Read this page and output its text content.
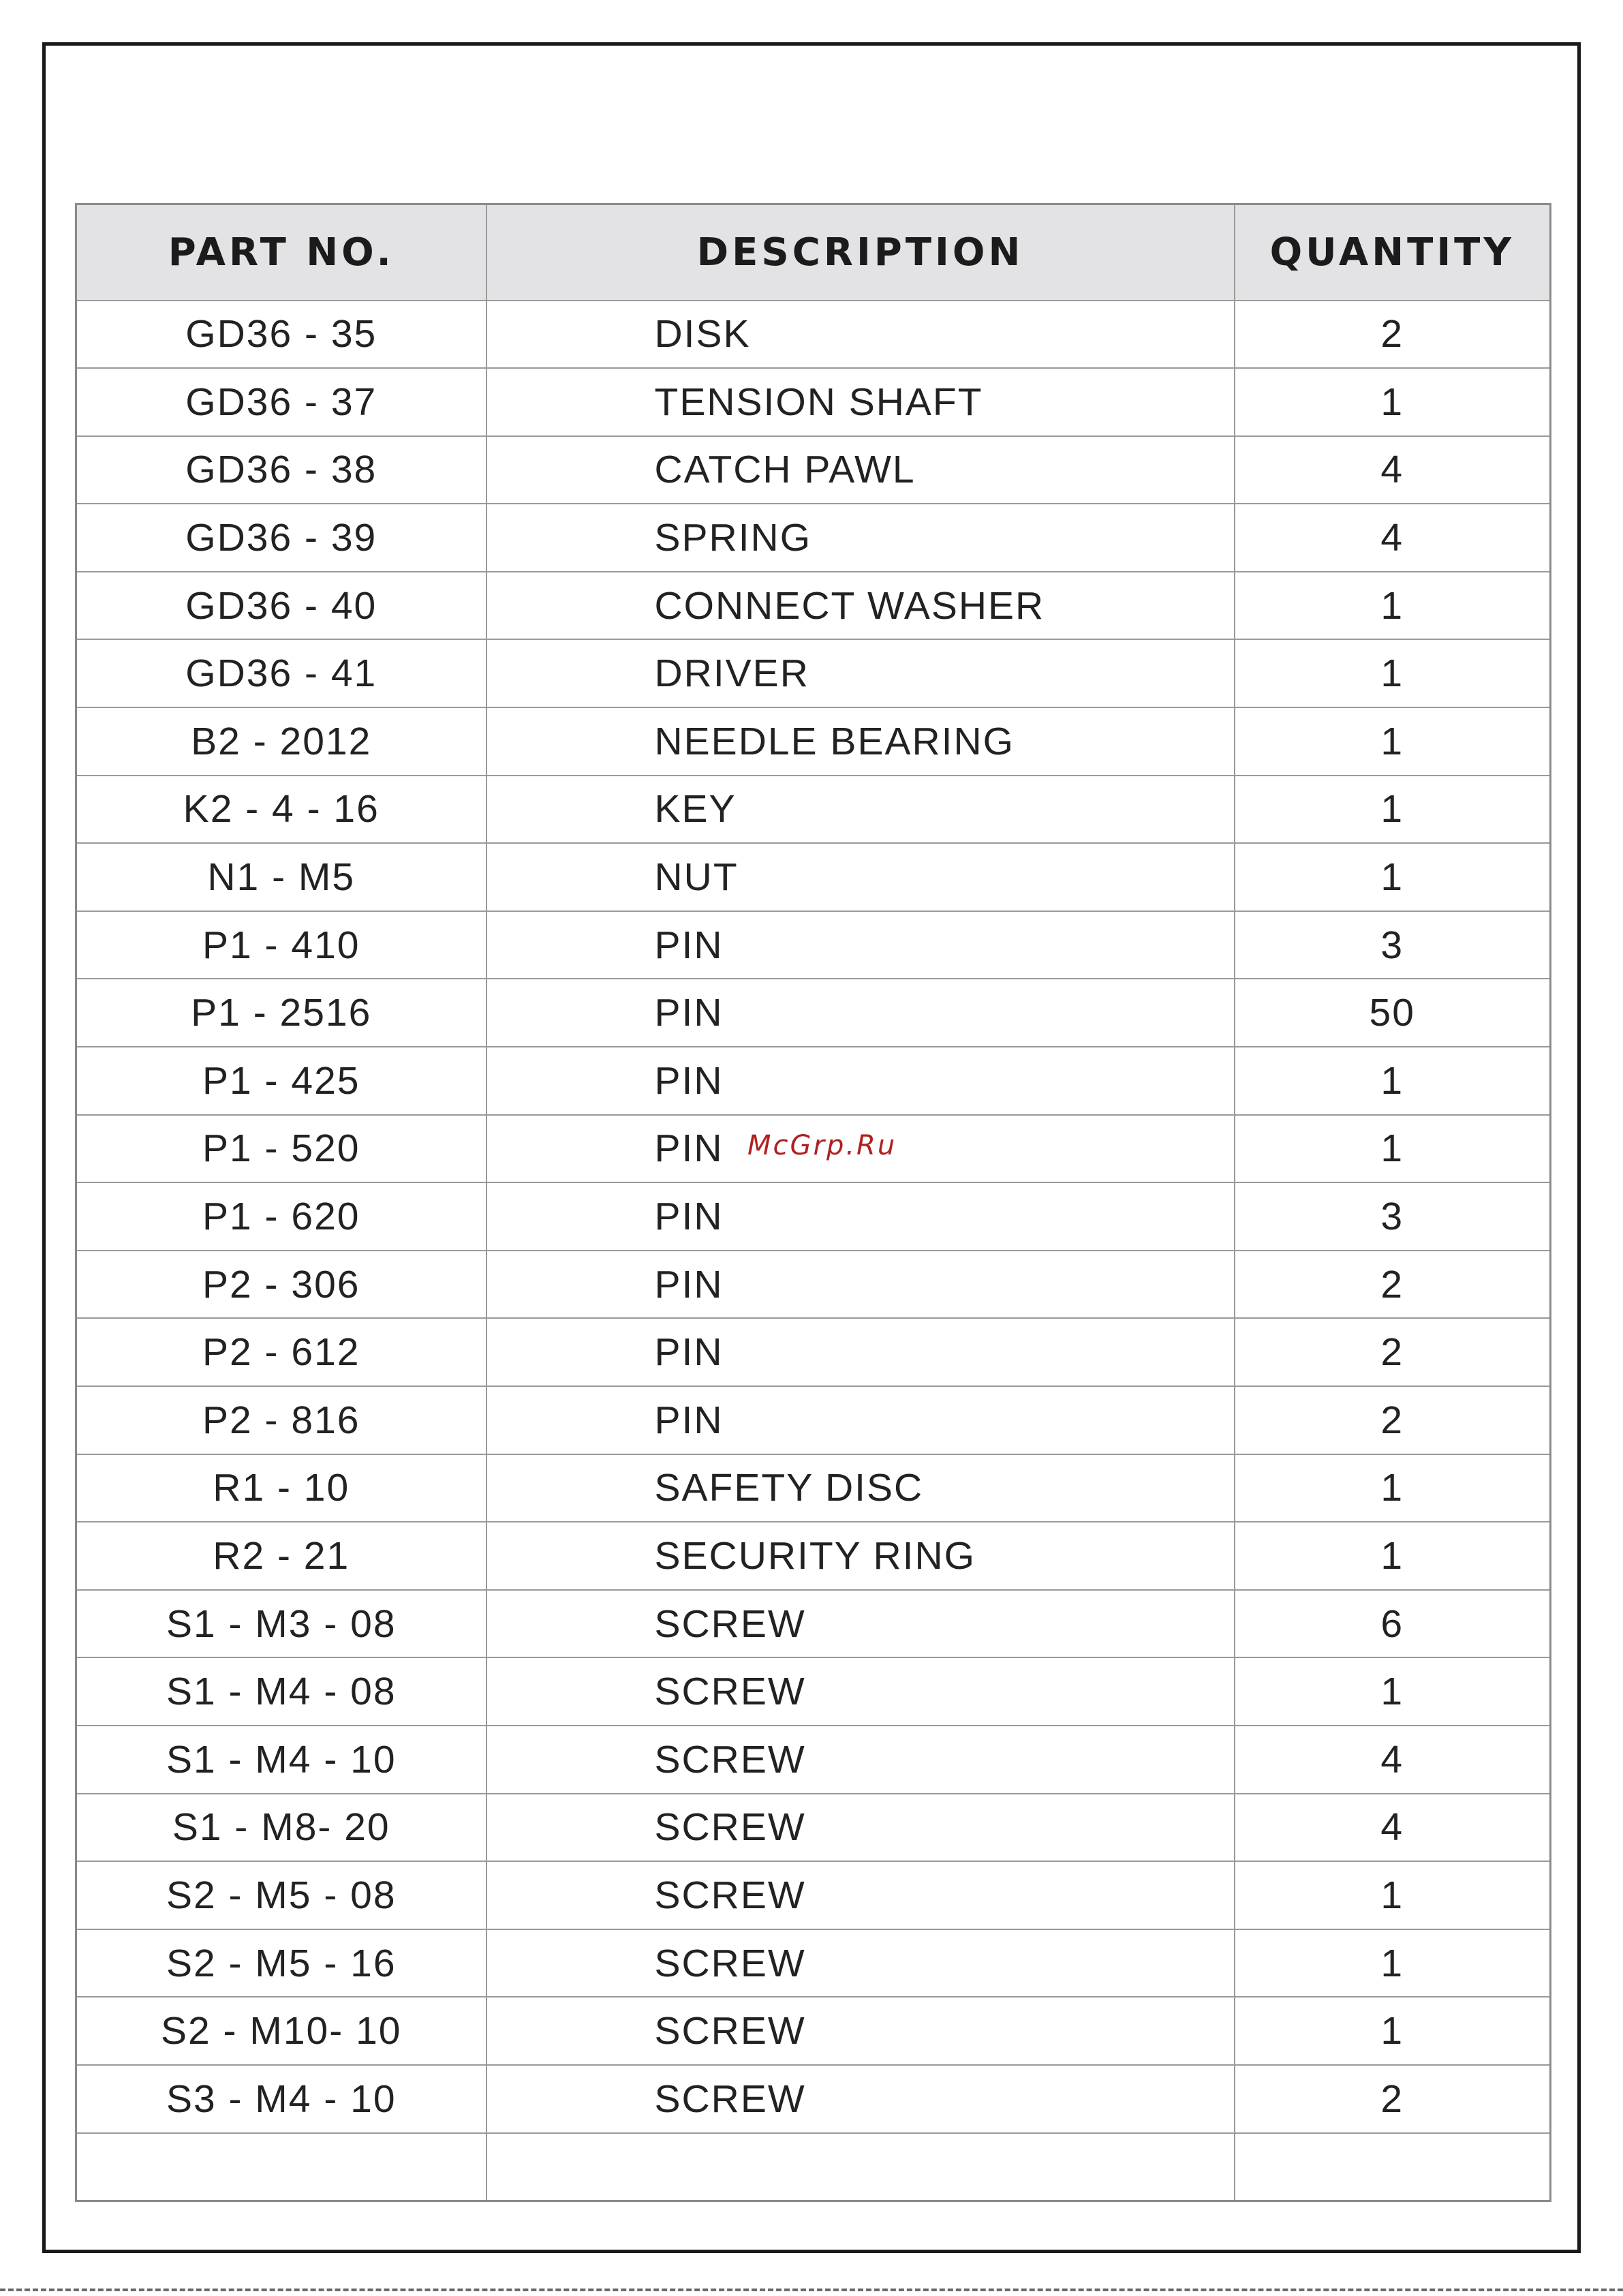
PART NO.	DESCRIPTION	QUANTITY
GD36 - 35	DISK	2
GD36 - 37	TENSION SHAFT	1
GD36 - 38	CATCH PAWL	4
GD36 - 39	SPRING	4
GD36 - 40	CONNECT WASHER	1
GD36 - 41	DRIVER	1
B2 - 2012	NEEDLE BEARING	1
K2 - 4 - 16	KEY	1
N1 - M5	NUT	1
P1 - 410	PIN	3
P1 - 2516	PIN	50
P1 - 425	PIN	1
P1 - 520	PIN	1
P1 - 620	PIN	3
P2 - 306	PIN	2
P2 - 612	PIN	2
P2 - 816	PIN	2
R1 - 10	SAFETY DISC	1
R2 - 21	SECURITY RING	1
S1 - M3 - 08	SCREW	6
S1 - M4 - 08	SCREW	1
S1 - M4 - 10	SCREW	4
S1 - M8- 20	SCREW	4
S2 - M5 - 08	SCREW	1
S2 - M5 - 16	SCREW	1
S2 - M10- 10	SCREW	1
S3 - M4 - 10	SCREW	2

McGrp.Ru
